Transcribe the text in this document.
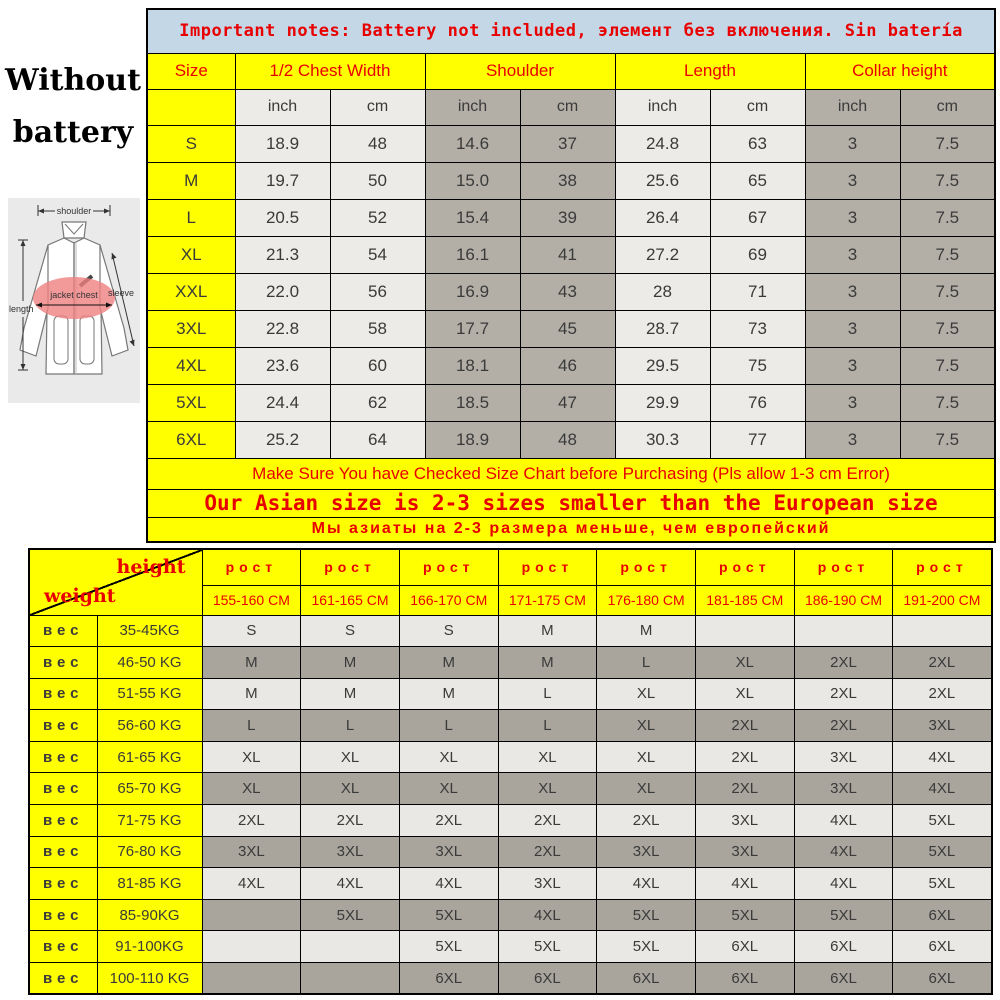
Without
battery
shoulder
jacket chest
length
sleeve
Important notes: Battery not included, элемент без включения. Sin batería								
Size	1/2 Chest Width		Shoulder		Length		Collar height	
	inch	cm	inch	cm	inch	cm	inch	cm
S	18.9	48	14.6	37	24.8	63	3	7.5
M	19.7	50	15.0	38	25.6	65	3	7.5
L	20.5	52	15.4	39	26.4	67	3	7.5
XL	21.3	54	16.1	41	27.2	69	3	7.5
XXL	22.0	56	16.9	43	28	71	3	7.5
3XL	22.8	58	17.7	45	28.7	73	3	7.5
4XL	23.6	60	18.1	46	29.5	75	3	7.5
5XL	24.4	62	18.5	47	29.9	76	3	7.5
6XL	25.2	64	18.9	48	30.3	77	3	7.5
Make Sure You have Checked Size Chart before Purchasing (Pls allow 1-3 cm Error)								
Our Asian size is 2-3 sizes smaller than the European size								
Мы азиаты на 2-3 размера меньше, чем европейский								
height
weight		рост	рост	рост	рост	рост	рост	рост	рост
		155-160 CM	161-165 CM	166-170 CM	171-175 CM	176-180 CM	181-185 CM	186-190 CM	191-200 CM
вес	35-45KG	S	S	S	M	M			
вес	46-50 KG	M	M	M	M	L	XL	2XL	2XL
вес	51-55 KG	M	M	M	L	XL	XL	2XL	2XL
вес	56-60 KG	L	L	L	L	XL	2XL	2XL	3XL
вес	61-65 KG	XL	XL	XL	XL	XL	2XL	3XL	4XL
вес	65-70 KG	XL	XL	XL	XL	XL	2XL	3XL	4XL
вес	71-75 KG	2XL	2XL	2XL	2XL	2XL	3XL	4XL	5XL
вес	76-80 KG	3XL	3XL	3XL	2XL	3XL	3XL	4XL	5XL
вес	81-85 KG	4XL	4XL	4XL	3XL	4XL	4XL	4XL	5XL
вес	85-90KG		5XL	5XL	4XL	5XL	5XL	5XL	6XL
вес	91-100KG			5XL	5XL	5XL	6XL	6XL	6XL
вес	100-110 KG			6XL	6XL	6XL	6XL	6XL	6XL
